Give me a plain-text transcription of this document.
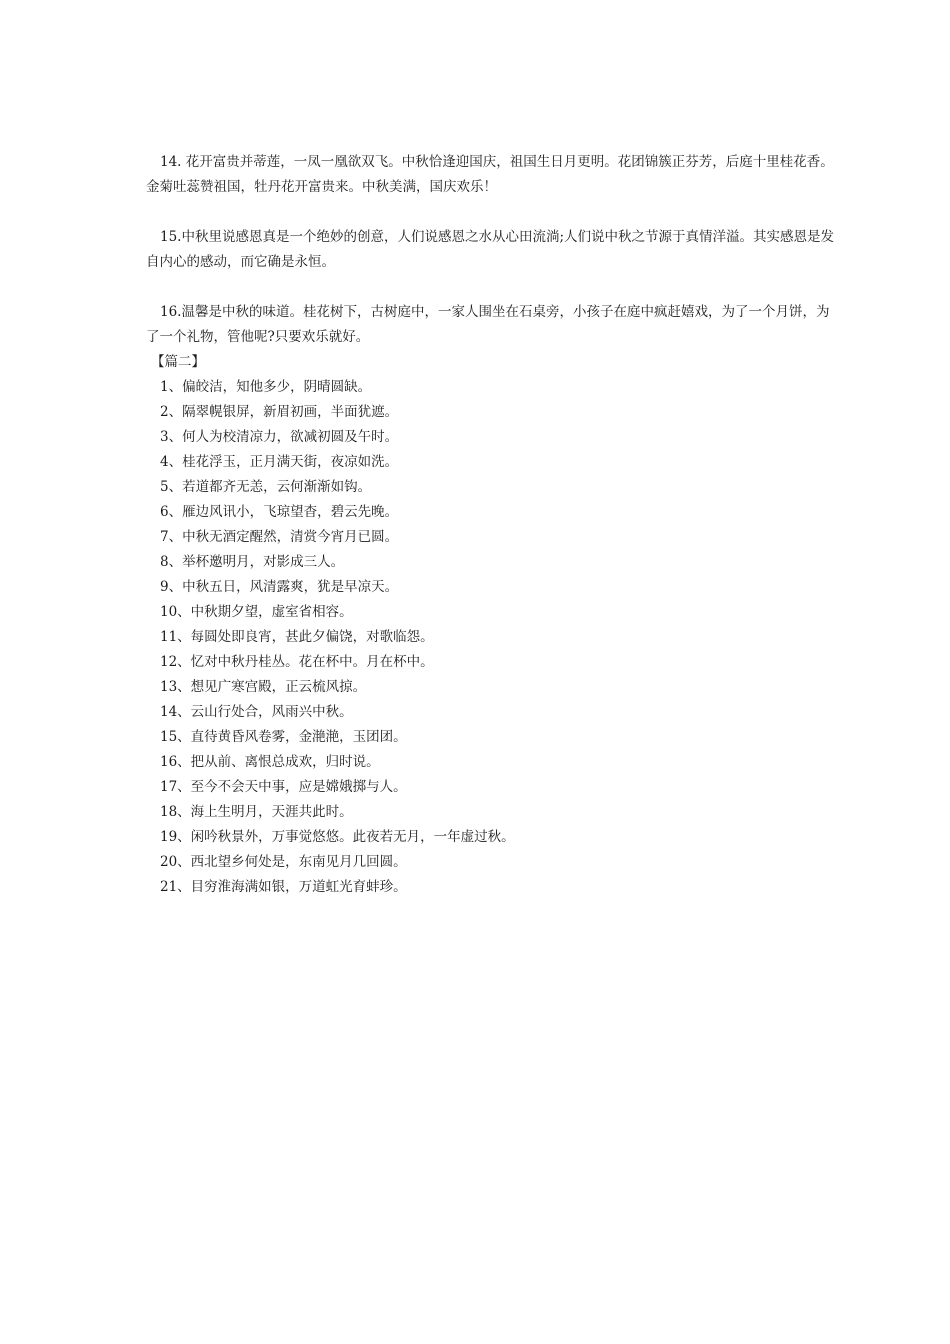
14. 花开富贵并蒂莲，一凤一凰欲双飞。中秋恰逢迎国庆，祖国生日月更明。花团锦簇正芬芳，后庭十里桂花香。金菊吐蕊赞祖国，牡丹花开富贵来。中秋美满，国庆欢乐！
15.中秋里说感恩真是一个绝妙的创意，人们说感恩之水从心田流淌;人们说中秋之节源于真情洋溢。其实感恩是发自内心的感动，而它确是永恒。
16.温馨是中秋的味道。桂花树下，古树庭中，一家人围坐在石桌旁，小孩子在庭中疯赶嬉戏，为了一个月饼，为了一个礼物，管他呢?只要欢乐就好。
【篇二】
1、偏皎洁，知他多少，阴晴圆缺。
2、隔翠幌银屏，新眉初画，半面犹遮。
3、何人为校清凉力，欲减初圆及午时。
4、桂花浮玉，正月满天街，夜凉如洗。
5、若道都齐无恙，云何渐渐如钩。
6、雁边风讯小，飞琼望杳，碧云先晚。
7、中秋无酒定醒然，清赏今宵月已圆。
8、举杯邀明月，对影成三人。
9、中秋五日，风清露爽，犹是早凉天。
10、中秋期夕望，虚室省相容。
11、每圆处即良宵，甚此夕偏饶，对歌临怨。
12、忆对中秋丹桂丛。花在杯中。月在杯中。
13、想见广寒宫殿，正云梳风掠。
14、云山行处合，风雨兴中秋。
15、直待黄昏风卷雾，金滟滟，玉团团。
16、把从前、离恨总成欢，归时说。
17、至今不会天中事，应是嫦娥掷与人。
18、海上生明月，天涯共此时。
19、闲吟秋景外，万事觉悠悠。此夜若无月，一年虚过秋。
20、西北望乡何处是，东南见月几回圆。
21、目穷淮海满如银，万道虹光育蚌珍。
